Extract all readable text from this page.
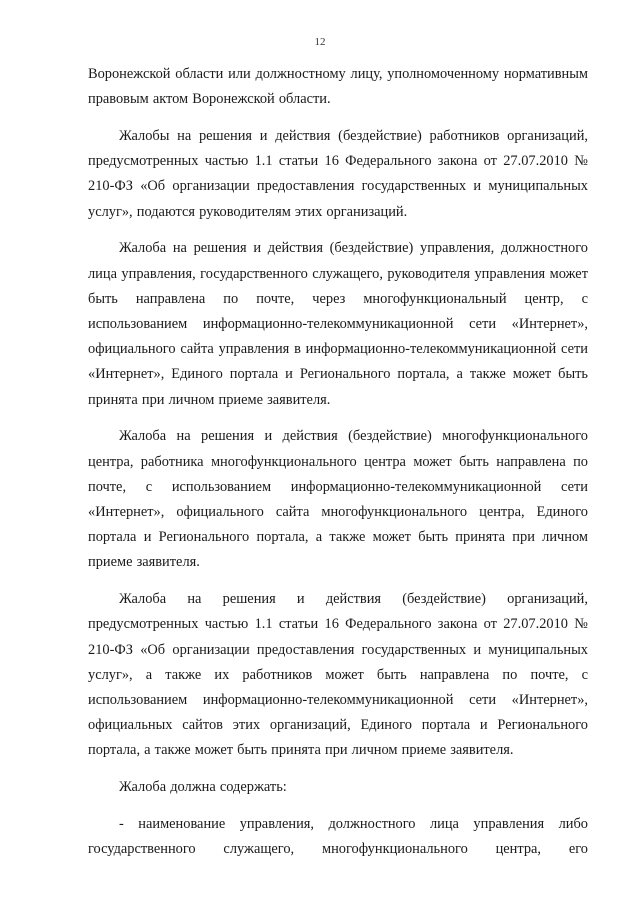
12

Воронежской области или должностному лицу, уполномоченному нормативным правовым актом Воронежской области.

Жалобы на решения и действия (бездействие) работников организаций, предусмотренных частью 1.1 статьи 16 Федерального закона от 27.07.2010 № 210-ФЗ «Об организации предоставления государственных и муниципальных услуг», подаются руководителям этих организаций.

Жалоба на решения и действия (бездействие) управления, должностного лица управления, государственного служащего, руководителя управления может быть направлена по почте, через многофункциональный центр, с использованием информационно-телекоммуникационной сети «Интернет», официального сайта управления в информационно-телекоммуникационной сети «Интернет», Единого портала и Регионального портала, а также может быть принята при личном приеме заявителя.

Жалоба на решения и действия (бездействие) многофункционального центра, работника многофункционального центра может быть направлена по почте, с использованием информационно-телекоммуникационной сети «Интернет», официального сайта многофункционального центра, Единого портала и Регионального портала, а также может быть принята при личном приеме заявителя.

Жалоба на решения и действия (бездействие) организаций, предусмотренных частью 1.1 статьи 16 Федерального закона от 27.07.2010 № 210-ФЗ «Об организации предоставления государственных и муниципальных услуг», а также их работников может быть направлена по почте, с использованием информационно-телекоммуникационной сети «Интернет», официальных сайтов этих организаций, Единого портала и Регионального портала, а также может быть принята при личном приеме заявителя.

Жалоба должна содержать:

- наименование управления, должностного лица управления либо государственного служащего, многофункционального центра, его
